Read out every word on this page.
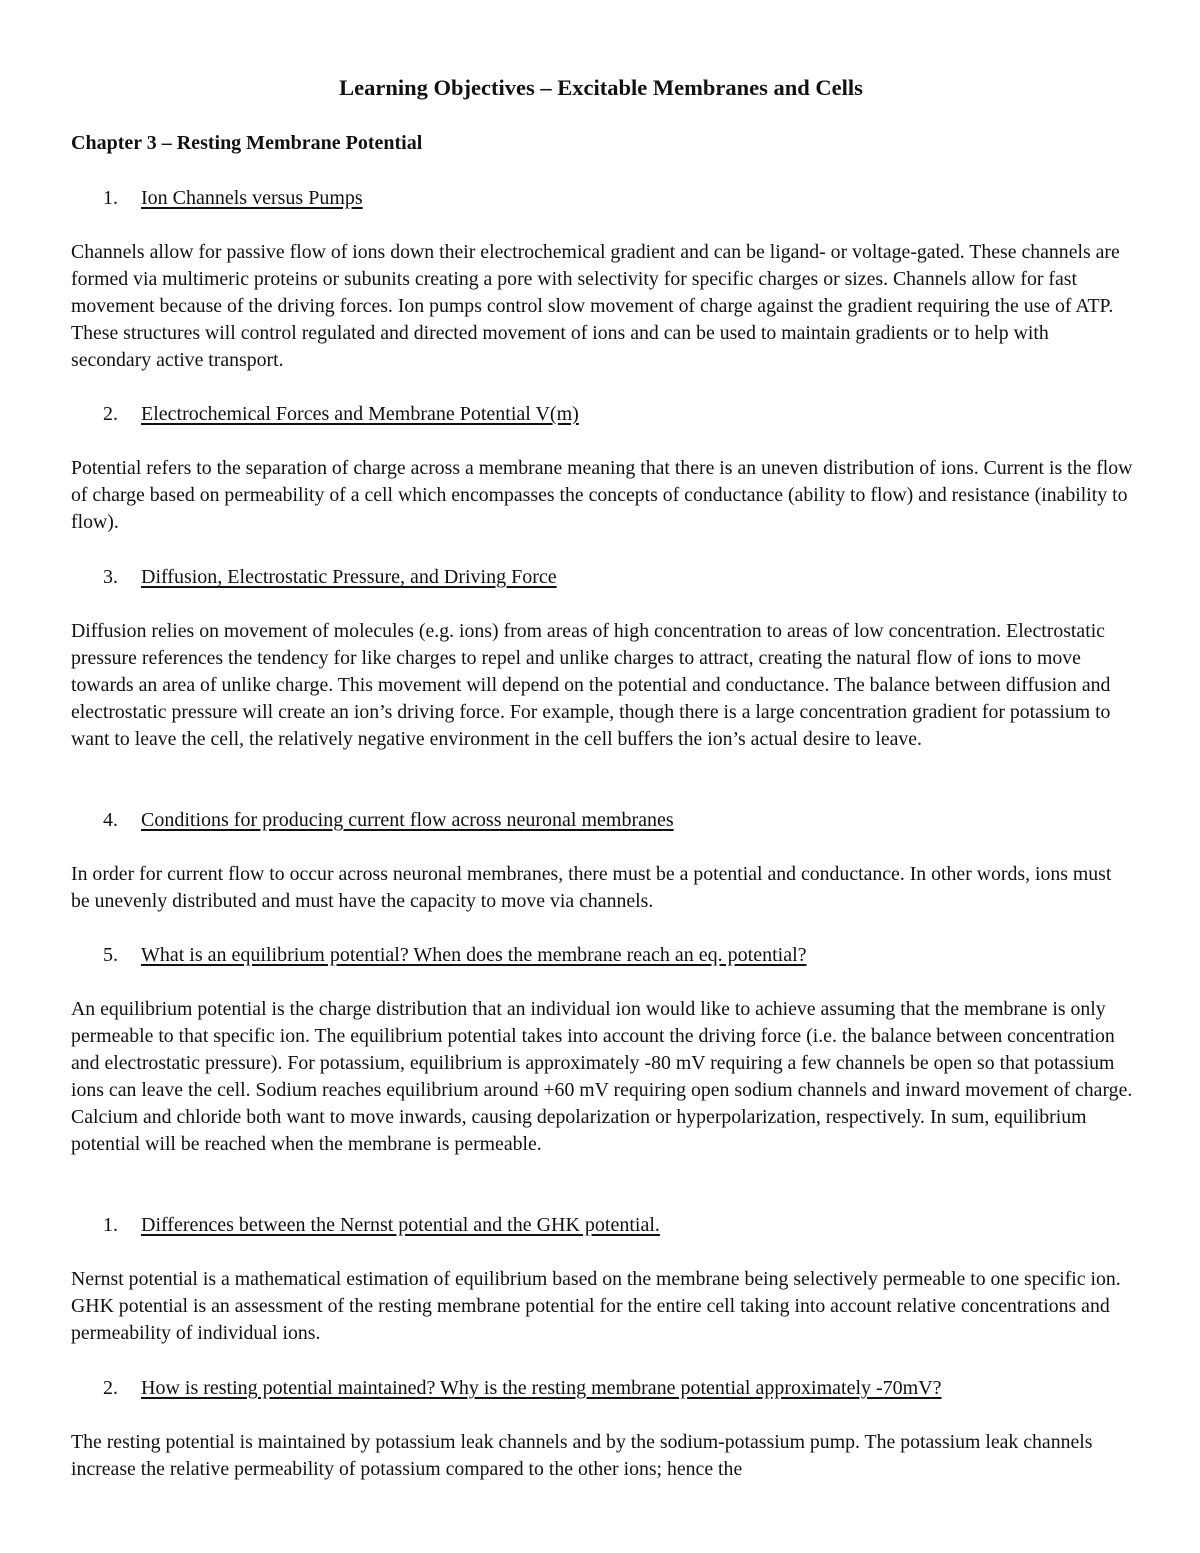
Learning Objectives – Excitable Membranes and Cells

Chapter 3 – Resting Membrane Potential

1. Ion Channels versus Pumps

Channels allow for passive flow of ions down their electrochemical gradient and can be ligand- or voltage-gated. These channels are formed via multimeric proteins or subunits creating a pore with selectivity for specific charges or sizes. Channels allow for fast movement because of the driving forces. Ion pumps control slow movement of charge against the gradient requiring the use of ATP. These structures will control regulated and directed movement of ions and can be used to maintain gradients or to help with secondary active transport.

2. Electrochemical Forces and Membrane Potential V(m)

Potential refers to the separation of charge across a membrane meaning that there is an uneven distribution of ions. Current is the flow of charge based on permeability of a cell which encompasses the concepts of conductance (ability to flow) and resistance (inability to flow).

3. Diffusion, Electrostatic Pressure, and Driving Force

Diffusion relies on movement of molecules (e.g. ions) from areas of high concentration to areas of low concentration. Electrostatic pressure references the tendency for like charges to repel and unlike charges to attract, creating the natural flow of ions to move towards an area of unlike charge. This movement will depend on the potential and conductance. The balance between diffusion and electrostatic pressure will create an ion’s driving force. For example, though there is a large concentration gradient for potassium to want to leave the cell, the relatively negative environment in the cell buffers the ion’s actual desire to leave.

4. Conditions for producing current flow across neuronal membranes

In order for current flow to occur across neuronal membranes, there must be a potential and conductance. In other words, ions must be unevenly distributed and must have the capacity to move via channels.

5. What is an equilibrium potential? When does the membrane reach an eq. potential?

An equilibrium potential is the charge distribution that an individual ion would like to achieve assuming that the membrane is only permeable to that specific ion. The equilibrium potential takes into account the driving force (i.e. the balance between concentration and electrostatic pressure). For potassium, equilibrium is approximately -80 mV requiring a few channels be open so that potassium ions can leave the cell. Sodium reaches equilibrium around +60 mV requiring open sodium channels and inward movement of charge. Calcium and chloride both want to move inwards, causing depolarization or hyperpolarization, respectively. In sum, equilibrium potential will be reached when the membrane is permeable.

1. Differences between the Nernst potential and the GHK potential.

Nernst potential is a mathematical estimation of equilibrium based on the membrane being selectively permeable to one specific ion. GHK potential is an assessment of the resting membrane potential for the entire cell taking into account relative concentrations and permeability of individual ions.

2. How is resting potential maintained? Why is the resting membrane potential approximately -70mV?

The resting potential is maintained by potassium leak channels and by the sodium-potassium pump. The potassium leak channels increase the relative permeability of potassium compared to the other ions; hence the
